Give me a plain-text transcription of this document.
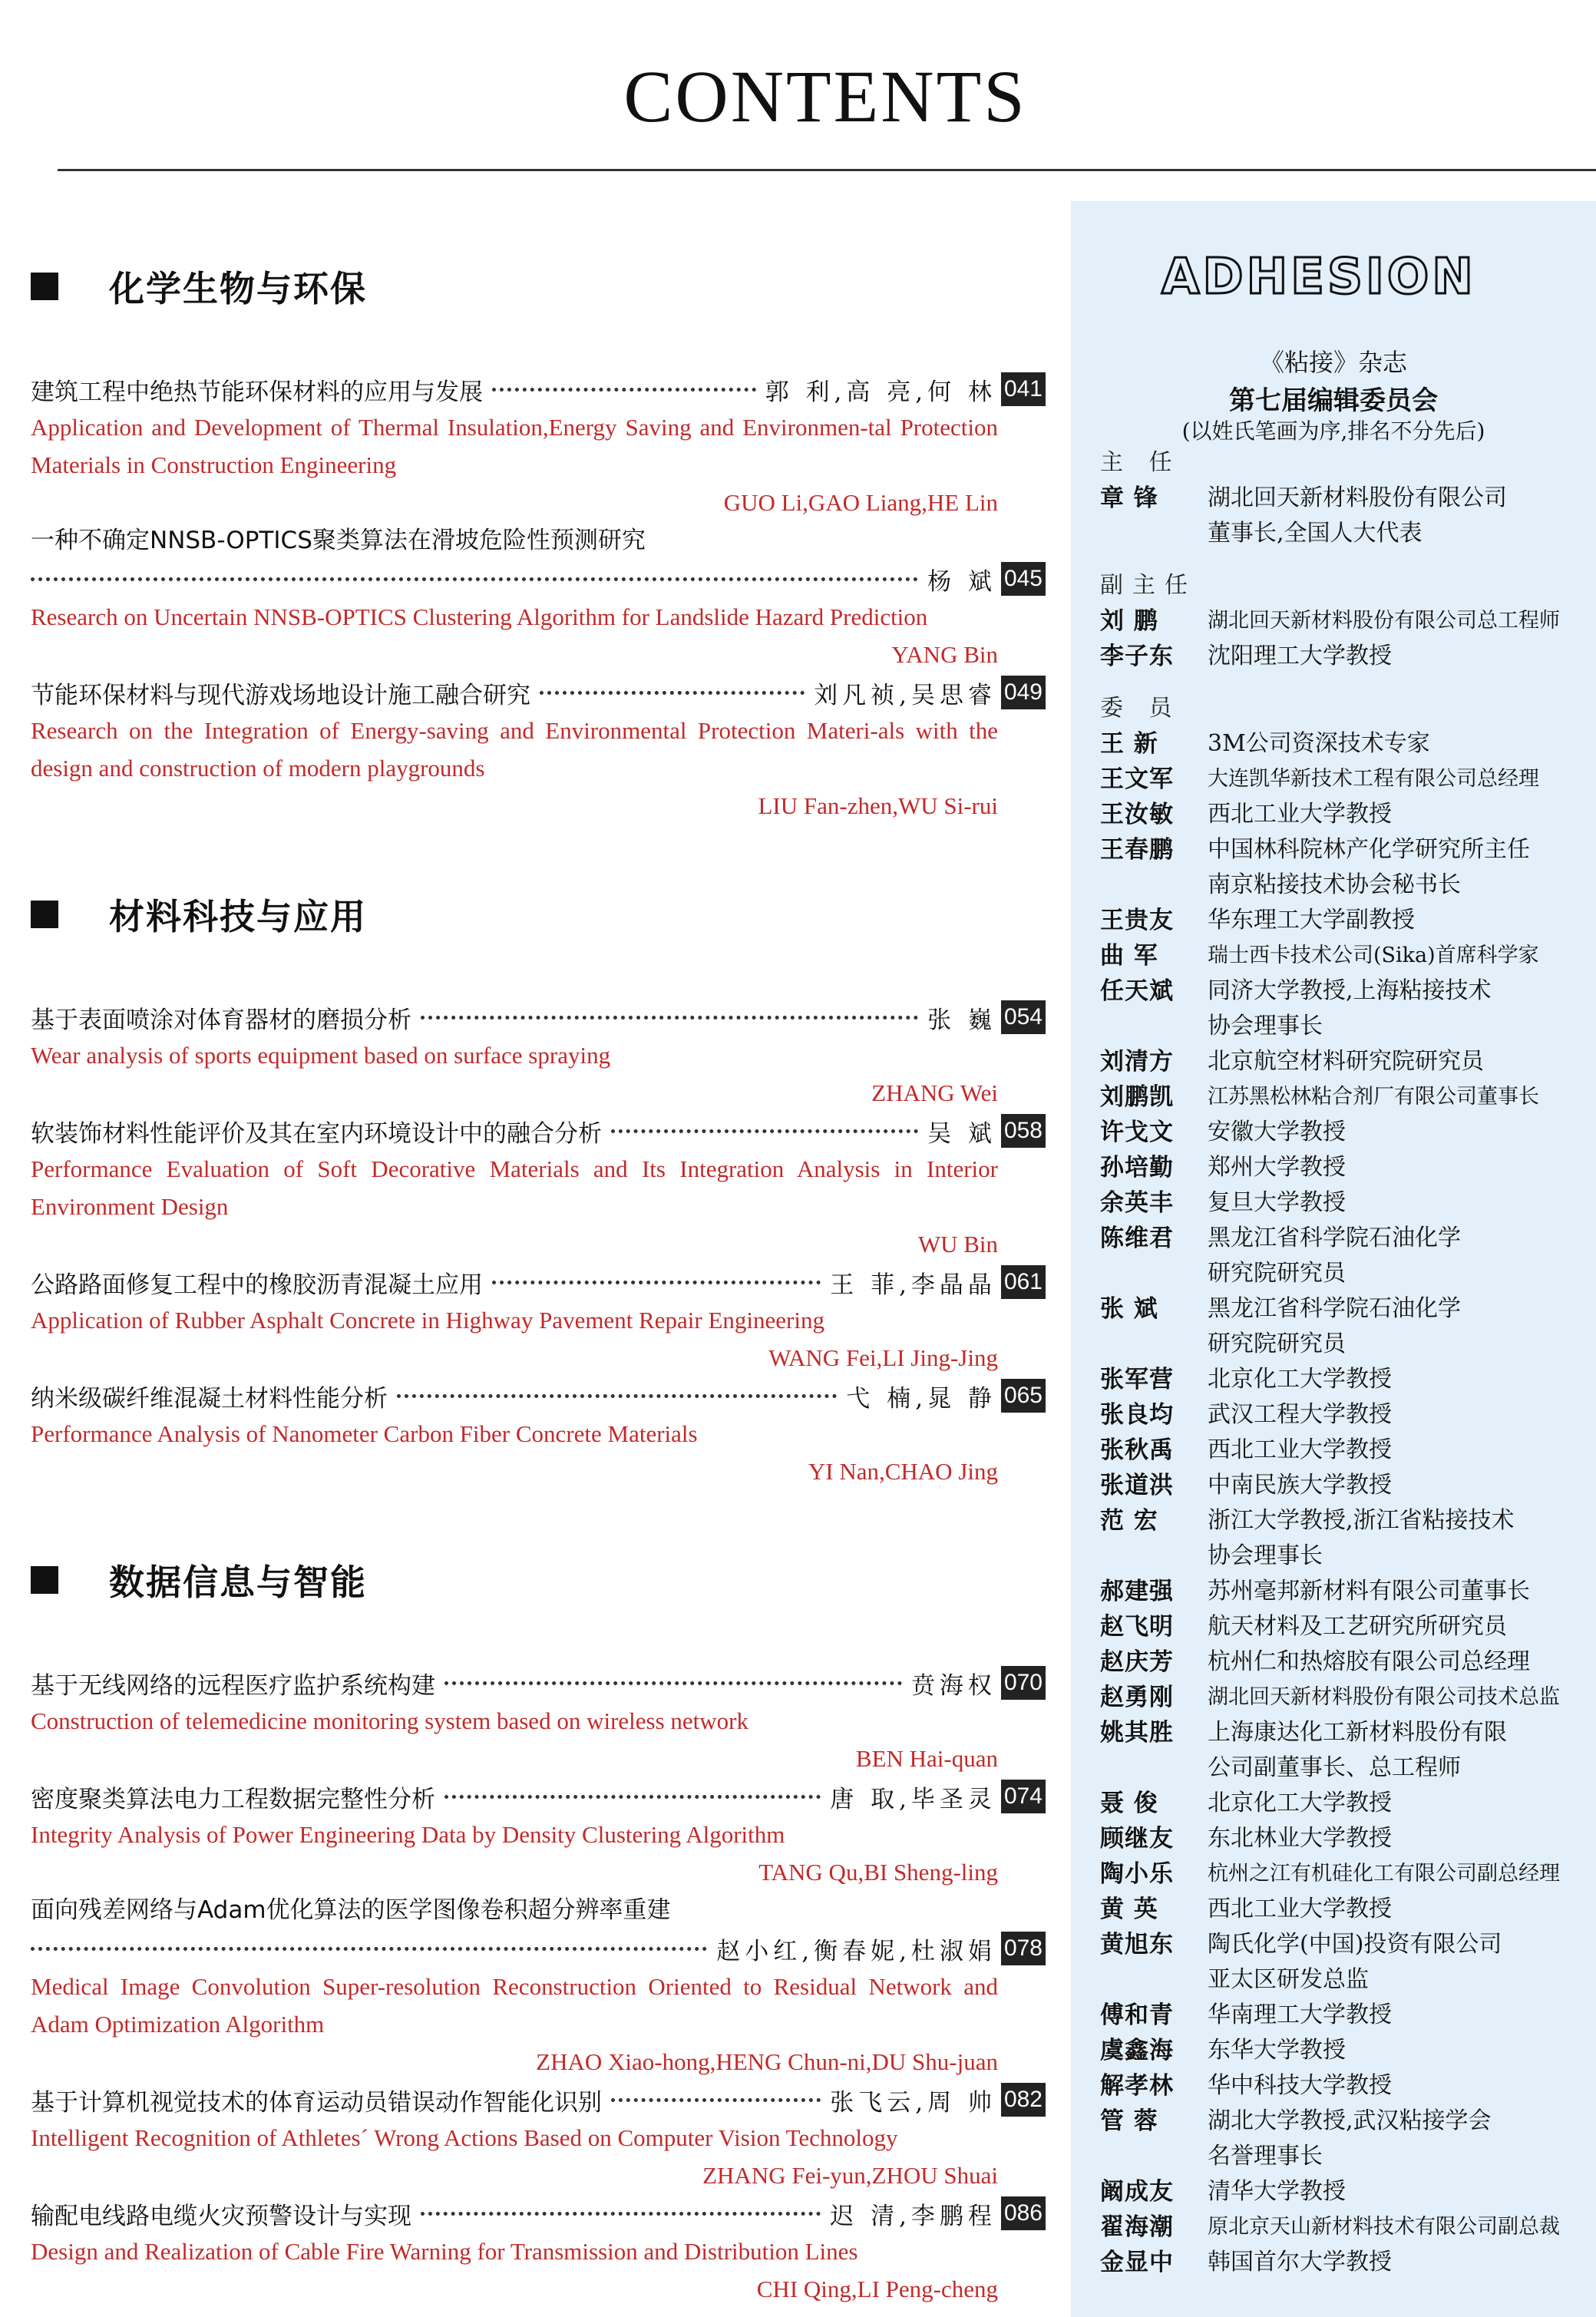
CONTENTS
化学生物与环保
建筑工程中绝热节能环保材料的应用与发展	郭 利,高 亮,何 林 041
Application and Development of Thermal Insulation,Energy Saving and Environmen-tal Protection Materials in Construction Engineering
GUO Li,GAO Liang,HE Lin
一种不确定NNSB-OPTICS聚类算法在滑坡危险性预测研究
杨 斌 045
Research on Uncertain NNSB-OPTICS Clustering Algorithm for Landslide Hazard Prediction
YANG Bin
节能环保材料与现代游戏场地设计施工融合研究	刘凡祯,吴思睿 049
Research on the Integration of Energy-saving and Environmental Protection Materi-als with the design and construction of modern playgrounds
LIU Fan-zhen,WU Si-rui
材料科技与应用
基于表面喷涂对体育器材的磨损分析	张 巍 054
Wear analysis of sports equipment based on surface spraying
ZHANG Wei
软装饰材料性能评价及其在室内环境设计中的融合分析	吴 斌 058
Performance Evaluation of Soft Decorative Materials and Its Integration Analysis in Interior Environment Design
WU Bin
公路路面修复工程中的橡胶沥青混凝土应用	王 菲,李晶晶 061
Application of Rubber Asphalt Concrete in Highway Pavement Repair Engineering
WANG Fei,LI Jing-Jing
纳米级碳纤维混凝土材料性能分析	弋 楠,晁 静 065
Performance Analysis of Nanometer Carbon Fiber Concrete Materials
YI Nan,CHAO Jing
数据信息与智能
基于无线网络的远程医疗监护系统构建	贲海权 070
Construction of telemedicine monitoring system based on wireless network
BEN Hai-quan
密度聚类算法电力工程数据完整性分析	唐 取,毕圣灵 074
Integrity Analysis of Power Engineering Data by Density Clustering Algorithm
TANG Qu,BI Sheng-ling
面向残差网络与Adam优化算法的医学图像卷积超分辨率重建
赵小红,衡春妮,杜淑娟 078
Medical Image Convolution Super-resolution Reconstruction Oriented to Residual Network and Adam Optimization Algorithm
ZHAO Xiao-hong,HENG Chun-ni,DU Shu-juan
基于计算机视觉技术的体育运动员错误动作智能化识别	张飞云,周 帅 082
Intelligent Recognition of Athletes´ Wrong Actions Based on Computer Vision Technology
ZHANG Fei-yun,ZHOU Shuai
输配电线路电缆火灾预警设计与实现	迟 清,李鹏程 086
Design and Realization of Cable Fire Warning for Transmission and Distribution Lines
CHI Qing,LI Peng-cheng
ADHESION
《粘接》杂志
第七届编辑委员会
(以姓氏笔画为序,排名不分先后)
主 任
章 锋	湖北回天新材料股份有限公司
董事长,全国人大代表
副主任
刘 鹏	湖北回天新材料股份有限公司总工程师
李子东	沈阳理工大学教授
委 员
王 新	3M公司资深技术专家
王文军	大连凯华新技术工程有限公司总经理
王汝敏	西北工业大学教授
王春鹏	中国林科院林产化学研究所主任
南京粘接技术协会秘书长
王贵友	华东理工大学副教授
曲 军	瑞士西卡技术公司(Sika)首席科学家
任天斌	同济大学教授,上海粘接技术
协会理事长
刘清方	北京航空材料研究院研究员
刘鹏凯	江苏黑松林粘合剂厂有限公司董事长
许戈文	安徽大学教授
孙培勤	郑州大学教授
余英丰	复旦大学教授
陈维君	黑龙江省科学院石油化学
研究院研究员
张 斌	黑龙江省科学院石油化学
研究院研究员
张军营	北京化工大学教授
张良均	武汉工程大学教授
张秋禹	西北工业大学教授
张道洪	中南民族大学教授
范 宏	浙江大学教授,浙江省粘接技术
协会理事长
郝建强	苏州毫邦新材料有限公司董事长
赵飞明	航天材料及工艺研究所研究员
赵庆芳	杭州仁和热熔胶有限公司总经理
赵勇刚	湖北回天新材料股份有限公司技术总监
姚其胜	上海康达化工新材料股份有限
公司副董事长、总工程师
聂 俊	北京化工大学教授
顾继友	东北林业大学教授
陶小乐	杭州之江有机硅化工有限公司副总经理
黄 英	西北工业大学教授
黄旭东	陶氏化学(中国)投资有限公司
亚太区研发总监
傅和青	华南理工大学教授
虞鑫海	东华大学教授
解孝林	华中科技大学教授
管 蓉	湖北大学教授,武汉粘接学会
名誉理事长
阚成友	清华大学教授
翟海潮	原北京天山新材料技术有限公司副总裁
金显中	韩国首尔大学教授
